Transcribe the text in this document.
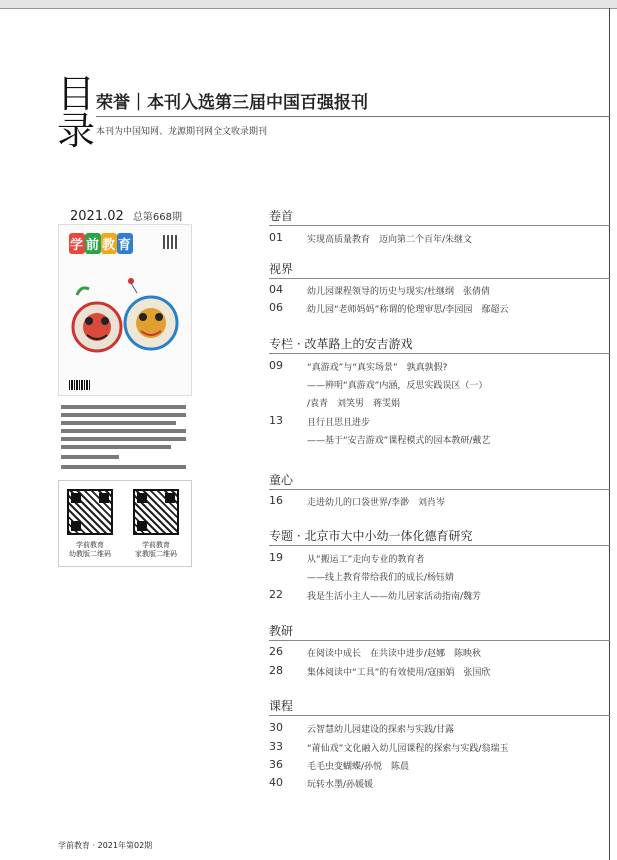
目
录
荣誉｜本刊入选第三届中国百强报刊
本刊为中国知网、龙源期刊网全文收录期刊
2021.02 总第668期
学 前 教 育
学前教育
幼教版二维码
学前教育
家教版二维码
卷首
01	实现高质量教育　迈向第二个百年/朱继文
视界
04	幼儿园课程领导的历史与现实/杜继纲　张倩倩
06	幼儿园“老师妈妈”称谓的伦理审思/李园园　鄢超云
专栏 · 改革路上的安吉游戏
09	“真游戏”与“真实场景”　孰真孰假?
——辨明“真游戏”内涵，反思实践误区（一）
/袁青　刘笑男　蒋雯娟
13	且行且思且进步
——基于“安吉游戏”课程模式的园本教研/戴艺
童心
16	走进幼儿的口袋世界/李渺　刘肖岑
专题 · 北京市大中小幼一体化德育研究
19	从“搬运工”走向专业的教育者
——线上教育带给我们的成长/杨钰婧
22	我是生活小主人——幼儿居家活动指南/魏芳
教研
26	在阅读中成长　在共读中进步/赵娜　陈映秋
28	集体阅读中“工具”的有效使用/寇丽娟　张国欣
课程
30	云智慧幼儿园建设的探索与实践/甘露
33	“莆仙戏”文化融入幼儿园课程的探索与实践/翁瑞玉
36	毛毛虫变蝴蝶/孙悦　陈晨
40	玩转水墨/孙媛媛
学前教育 · 2021年第02期
